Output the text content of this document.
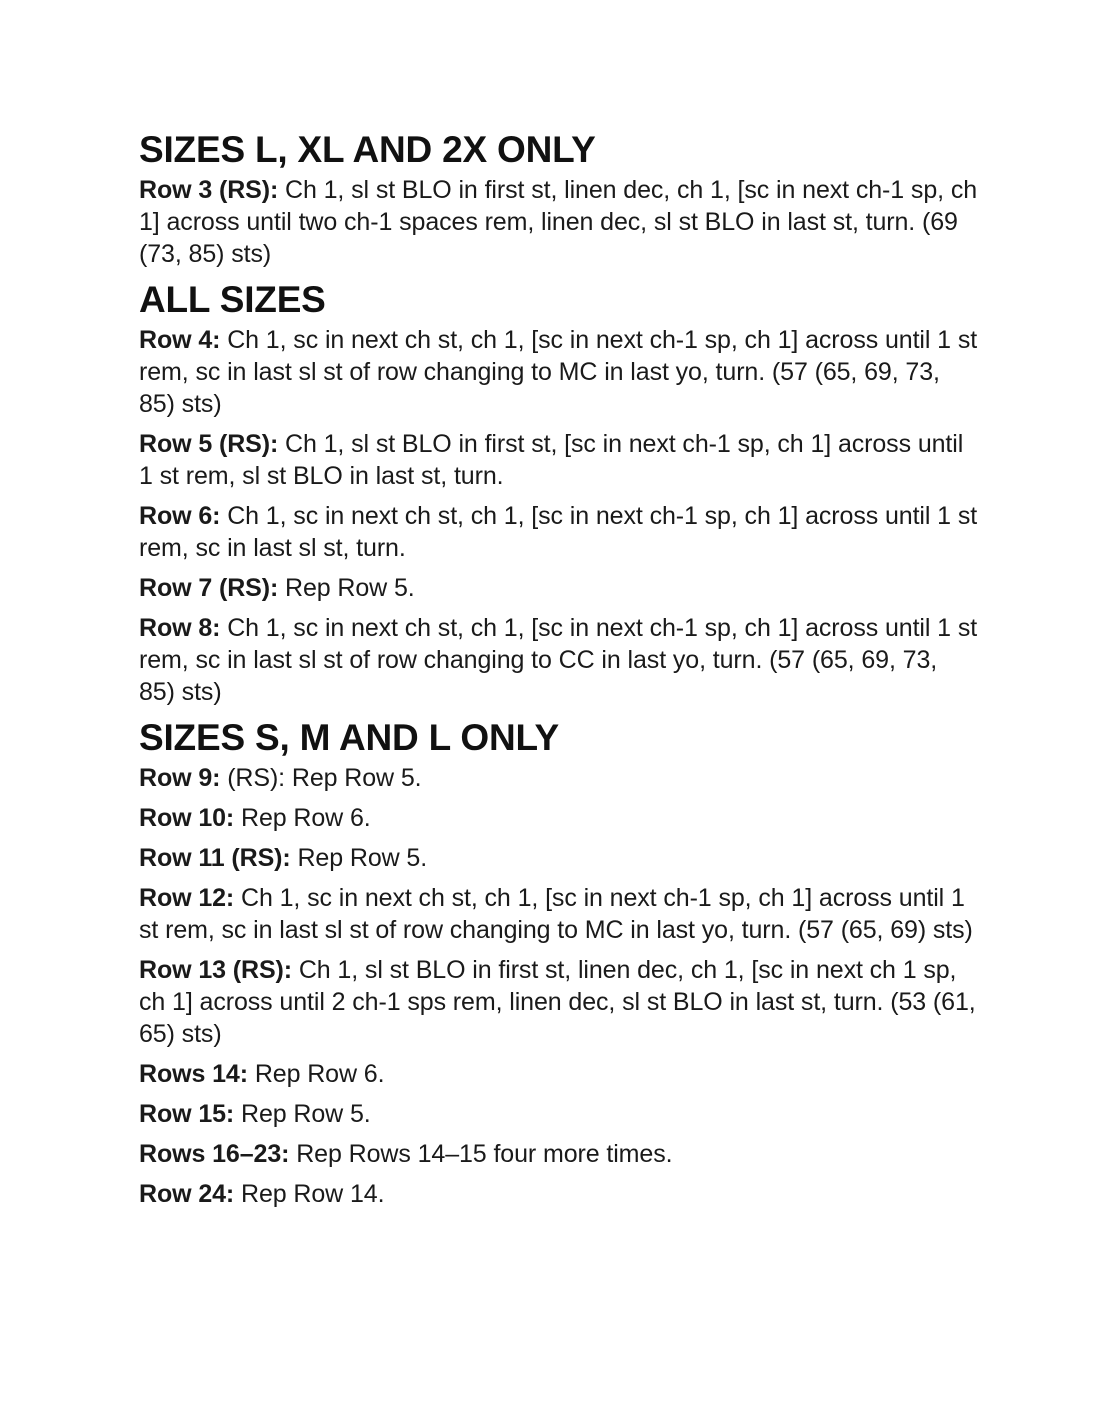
SIZES L, XL AND 2X ONLY

Row 3 (RS): Ch 1, sl st BLO in first st, linen dec, ch 1, [sc in next ch-1 sp, ch 1] across until two ch-1 spaces rem, linen dec, sl st BLO in last st, turn. (69 (73, 85) sts)

ALL SIZES

Row 4: Ch 1, sc in next ch st, ch 1, [sc in next ch-1 sp, ch 1] across until 1 st rem, sc in last sl st of row changing to MC in last yo, turn. (57 (65, 69, 73, 85) sts)

Row 5 (RS): Ch 1, sl st BLO in first st, [sc in next ch-1 sp, ch 1] across until 1 st rem, sl st BLO in last st, turn.

Row 6: Ch 1, sc in next ch st, ch 1, [sc in next ch-1 sp, ch 1] across until 1 st rem, sc in last sl st, turn.

Row 7 (RS): Rep Row 5.

Row 8: Ch 1, sc in next ch st, ch 1, [sc in next ch-1 sp, ch 1] across until 1 st rem, sc in last sl st of row changing to CC in last yo, turn. (57 (65, 69, 73, 85) sts)

SIZES S, M AND L ONLY

Row 9: (RS): Rep Row 5.

Row 10: Rep Row 6.

Row 11 (RS): Rep Row 5.

Row 12: Ch 1, sc in next ch st, ch 1, [sc in next ch-1 sp, ch 1] across until 1 st rem, sc in last sl st of row changing to MC in last yo, turn. (57 (65, 69) sts)

Row 13 (RS): Ch 1, sl st BLO in first st, linen dec, ch 1, [sc in next ch 1 sp, ch 1] across until 2 ch-1 sps rem, linen dec, sl st BLO in last st, turn. (53 (61, 65) sts)

Rows 14: Rep Row 6.

Row 15: Rep Row 5.

Rows 16–23: Rep Rows 14–15 four more times.

Row 24: Rep Row 14.
